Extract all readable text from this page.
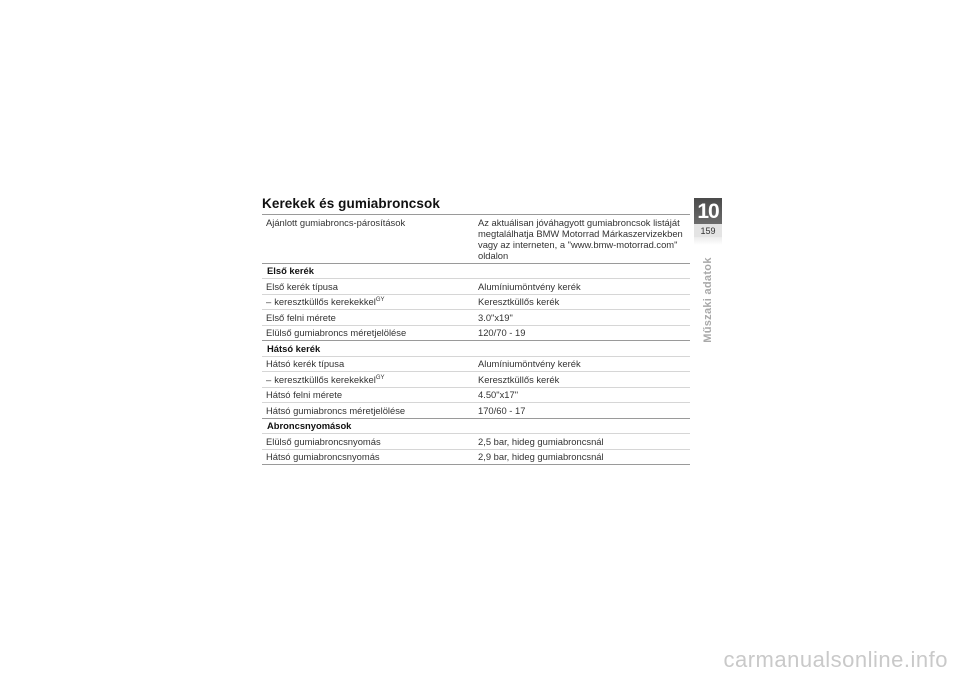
Kerekek és gumiabroncsok
Ajánlott gumiabroncs-párosítások	Az aktuálisan jóváhagyott gumiabroncsok listáját megtalálhatja BMW Motorrad Márkaszervizekben vagy az interneten, a "www.bmw-motorrad.com" oldalon
Első kerék	
Első kerék típusa	Alumíniumöntvény kerék
– keresztküllős kerekekkel$^{GY}$	Keresztküllős kerék
Első felni mérete	3.0"x19"
Elülső gumiabroncs méretjelölése	120/70 - 19
Hátsó kerék	
Hátsó kerék típusa	Alumíniumöntvény kerék
– keresztküllős kerekekkel$^{GY}$	Keresztküllős kerék
Hátsó felni mérete	4.50"x17"
Hátsó gumiabroncs méretjelölése	170/60 - 17
Abroncsnyomások	
Elülső gumiabroncsnyomás	2,5 bar, hideg gumiabroncsnál
Hátsó gumiabroncsnyomás	2,9 bar, hideg gumiabroncsnál
10
159
Műszaki adatok
carmanualsonline.info
